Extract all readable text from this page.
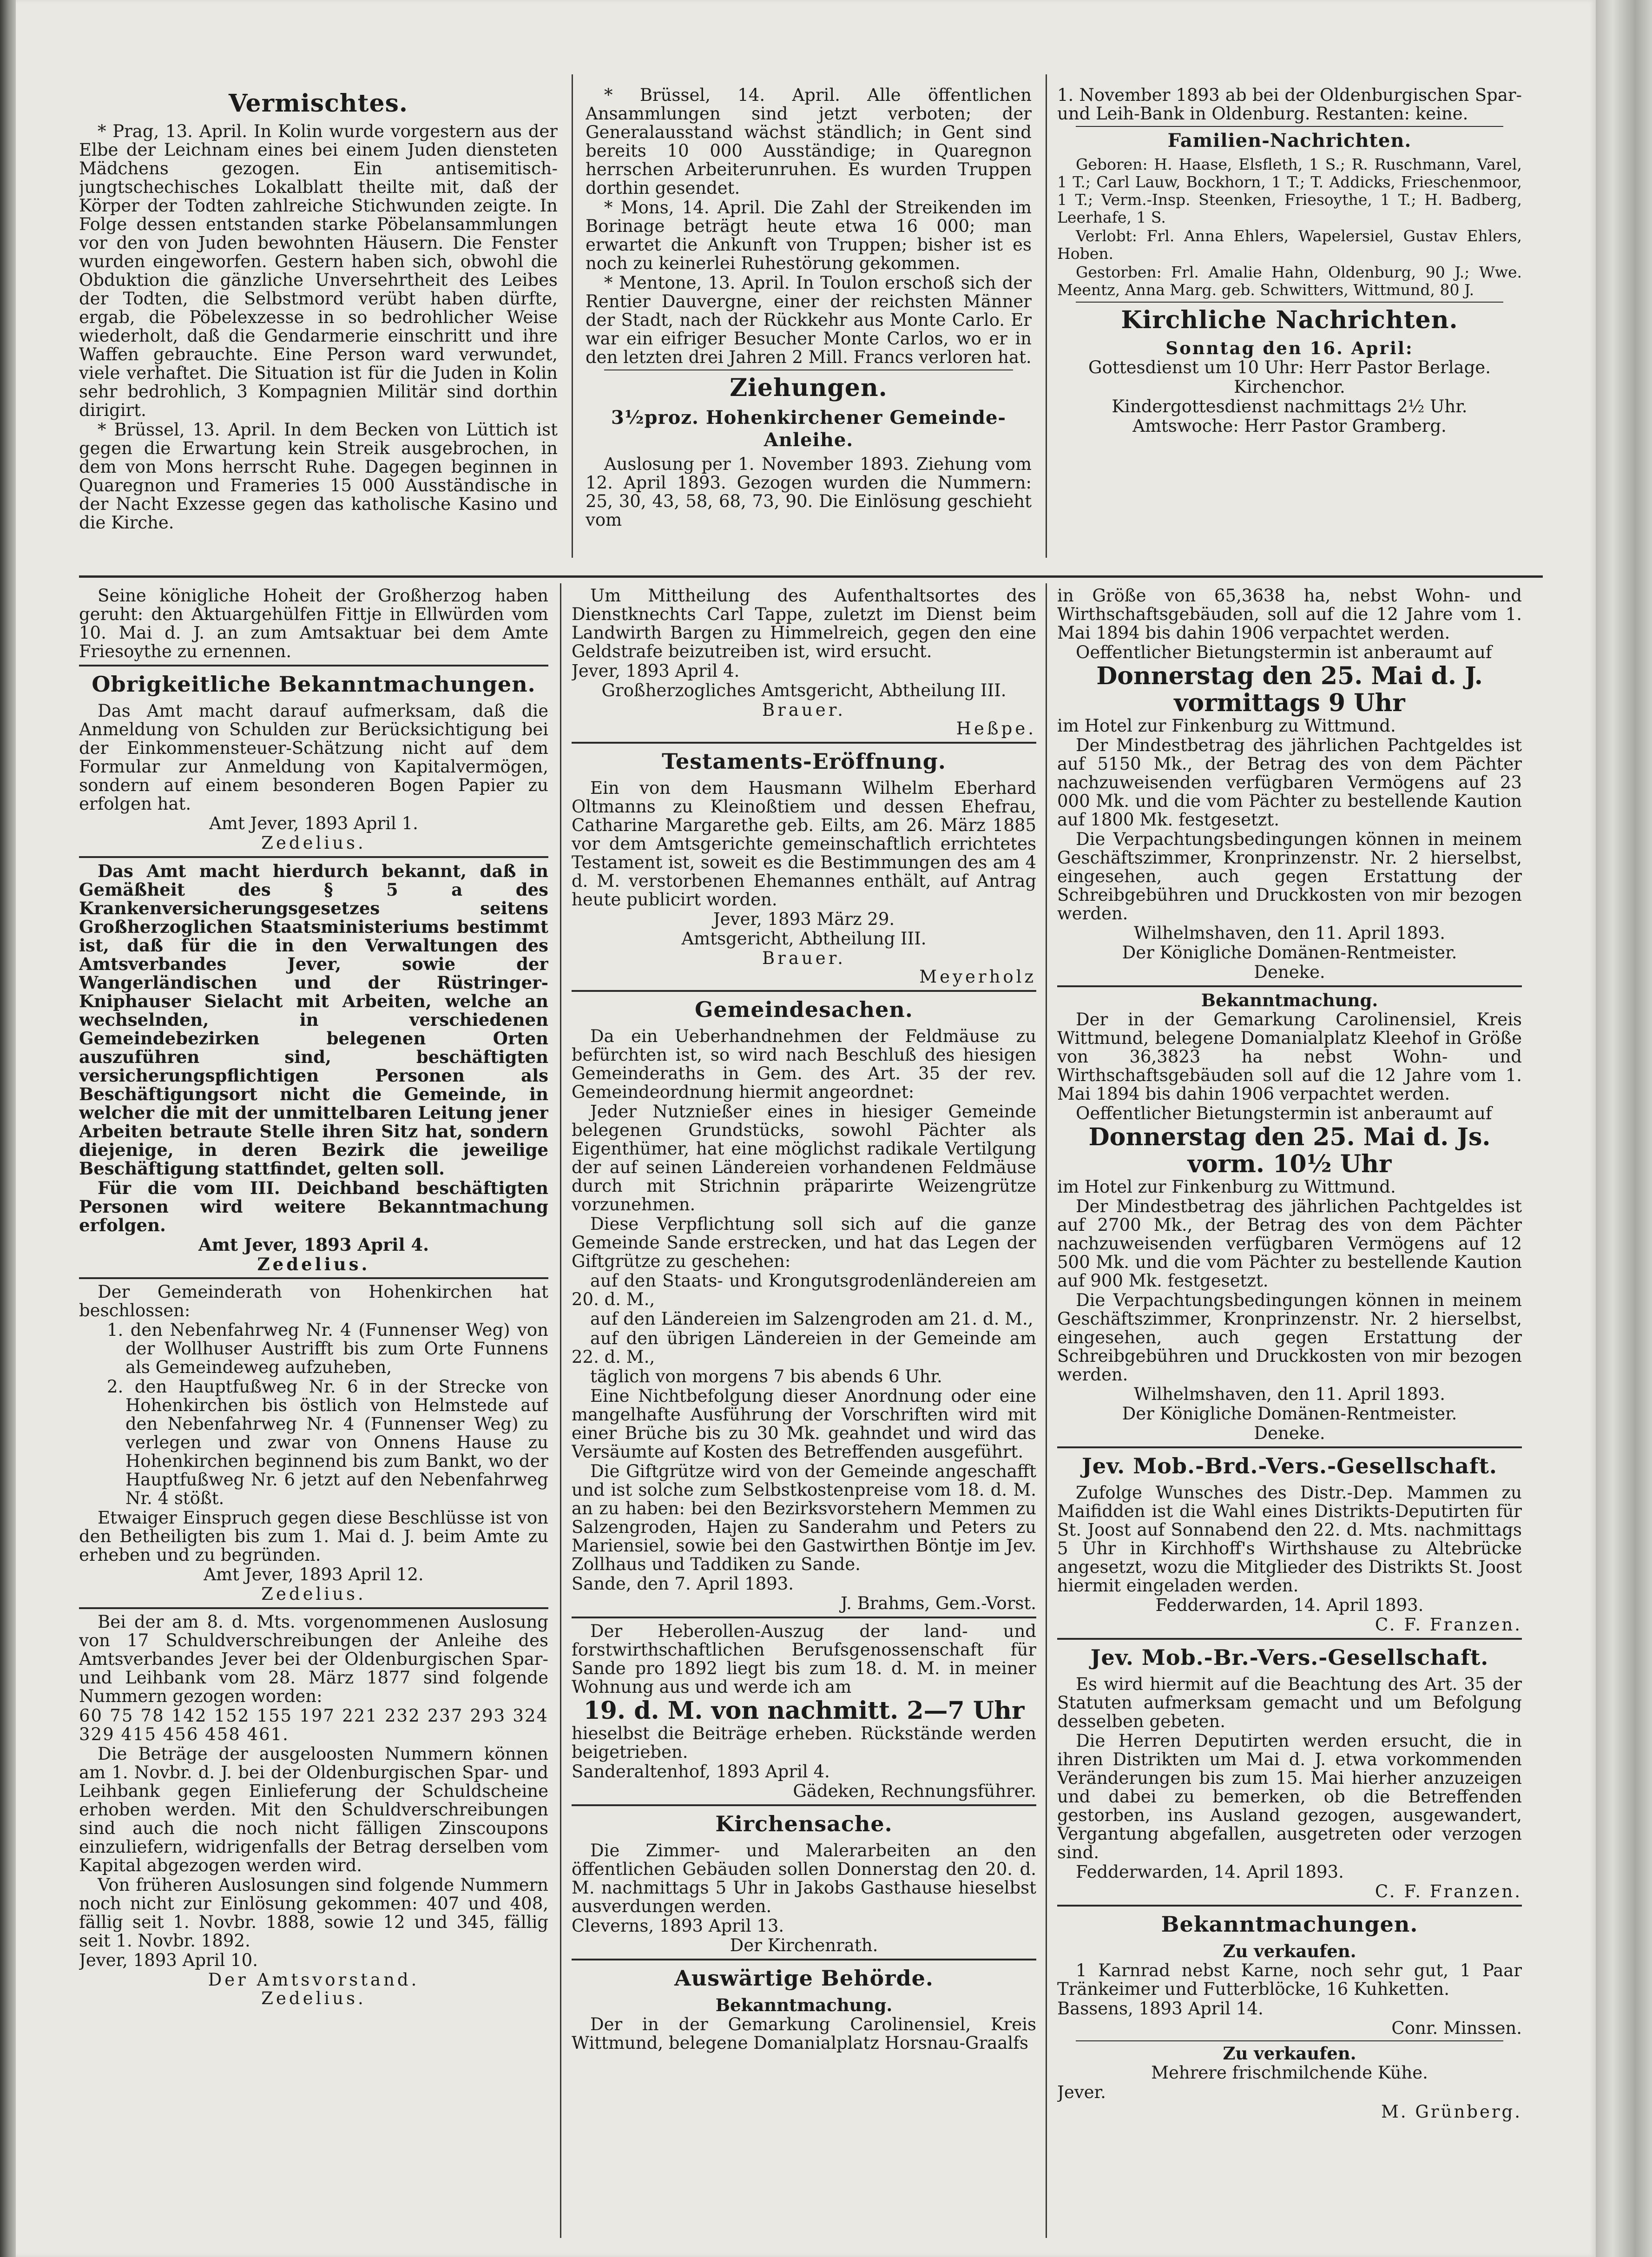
Vermischtes.
* Prag, 13. April. In Kolin wurde vorgestern aus der Elbe der Leichnam eines bei einem Juden diensteten Mädchens gezogen. Ein antisemitisch-jungtschechisches Lokalblatt theilte mit, daß der Körper der Todten zahlreiche Stichwunden zeigte. In Folge dessen entstanden starke Pöbelansammlungen vor den von Juden bewohnten Häusern. Die Fenster wurden eingeworfen. Gestern haben sich, obwohl die Obduktion die gänzliche Unversehrtheit des Leibes der Todten, die Selbstmord verübt haben dürfte, ergab, die Pöbelexzesse in so bedrohlicher Weise wiederholt, daß die Gendarmerie einschritt und ihre Waffen gebrauchte. Eine Person ward verwundet, viele verhaftet. Die Situation ist für die Juden in Kolin sehr bedrohlich, 3 Kompagnien Militär sind dorthin dirigirt.
* Brüssel, 13. April. In dem Becken von Lüttich ist gegen die Erwartung kein Streik ausgebrochen, in dem von Mons herrscht Ruhe. Dagegen beginnen in Quaregnon und Frameries 15 000 Ausständische in der Nacht Exzesse gegen das katholische Kasino und die Kirche.
* Brüssel, 14. April. Alle öffentlichen Ansammlungen sind jetzt verboten; der Generalausstand wächst ständlich; in Gent sind bereits 10 000 Ausständige; in Quaregnon herrschen Arbeiterunruhen. Es wurden Truppen dorthin gesendet.
* Mons, 14. April. Die Zahl der Streikenden im Borinage beträgt heute etwa 16 000; man erwartet die Ankunft von Truppen; bisher ist es noch zu keinerlei Ruhestörung gekommen.
* Mentone, 13. April. In Toulon erschoß sich der Rentier Dauvergne, einer der reichsten Männer der Stadt, nach der Rückkehr aus Monte Carlo. Er war ein eifriger Besucher Monte Carlos, wo er in den letzten drei Jahren 2 Mill. Francs verloren hat.
Ziehungen.
3½proz. Hohenkirchener Gemeinde-Anleihe.
Auslosung per 1. November 1893. Ziehung vom 12. April 1893. Gezogen wurden die Nummern: 25, 30, 43, 58, 68, 73, 90. Die Einlösung geschieht vom
1. November 1893 ab bei der Oldenburgischen Spar- und Leih-Bank in Oldenburg. Restanten: keine.
Familien-Nachrichten.
Geboren: H. Haase, Elsfleth, 1 S.; R. Ruschmann, Varel, 1 T.; Carl Lauw, Bockhorn, 1 T.; T. Addicks, Frieschenmoor, 1 T.; Verm.-Insp. Steenken, Friesoythe, 1 T.; H. Badberg, Leerhafe, 1 S.
Verlobt: Frl. Anna Ehlers, Wapelersiel, Gustav Ehlers, Hoben.
Gestorben: Frl. Amalie Hahn, Oldenburg, 90 J.; Wwe. Meentz, Anna Marg. geb. Schwitters, Wittmund, 80 J.
Kirchliche Nachrichten.
Sonntag den 16. April:
Gottesdienst um 10 Uhr: Herr Pastor Berlage.
Kirchenchor.
Kindergottesdienst nachmittags 2½ Uhr.
Amtswoche: Herr Pastor Gramberg.
Seine königliche Hoheit der Großherzog haben geruht: den Aktuargehülfen Fittje in Ellwürden vom 10. Mai d. J. an zum Amtsaktuar bei dem Amte Friesoythe zu ernennen.
Obrigkeitliche Bekanntmachungen.
Das Amt macht darauf aufmerksam, daß die Anmeldung von Schulden zur Berücksichtigung bei der Einkommensteuer-Schätzung nicht auf dem Formular zur Anmeldung von Kapitalvermögen, sondern auf einem besonderen Bogen Papier zu erfolgen hat.
Amt Jever, 1893 April 1.
Zedelius.
Das Amt macht hierdurch bekannt, daß in Gemäßheit des § 5 a des Krankenversicherungsgesetzes seitens Großherzoglichen Staatsministeriums bestimmt ist, daß für die in den Verwaltungen des Amtsverbandes Jever, sowie der Wangerländischen und der Rüstringer-Kniphauser Sielacht mit Arbeiten, welche an wechselnden, in verschiedenen Gemeindebezirken belegenen Orten auszuführen sind, beschäftigten versicherungspflichtigen Personen als Beschäftigungsort nicht die Gemeinde, in welcher die mit der unmittelbaren Leitung jener Arbeiten betraute Stelle ihren Sitz hat, sondern diejenige, in deren Bezirk die jeweilige Beschäftigung stattfindet, gelten soll.
Für die vom III. Deichband beschäftigten Personen wird weitere Bekanntmachung erfolgen.
Amt Jever, 1893 April 4.
Zedelius.
Der Gemeinderath von Hohenkirchen hat beschlossen:
1. den Nebenfahrweg Nr. 4 (Funnenser Weg) von der Wollhuser Austrifft bis zum Orte Funnens als Gemeindeweg aufzuheben,
2. den Hauptfußweg Nr. 6 in der Strecke von Hohenkirchen bis östlich von Helmstede auf den Nebenfahrweg Nr. 4 (Funnenser Weg) zu verlegen und zwar von Onnens Hause zu Hohenkirchen beginnend bis zum Bankt, wo der Hauptfußweg Nr. 6 jetzt auf den Nebenfahrweg Nr. 4 stößt.
Etwaiger Einspruch gegen diese Beschlüsse ist von den Betheiligten bis zum 1. Mai d. J. beim Amte zu erheben und zu begründen.
Amt Jever, 1893 April 12.
Zedelius.
Bei der am 8. d. Mts. vorgenommenen Auslosung von 17 Schuldverschreibungen der Anleihe des Amtsverbandes Jever bei der Oldenburgischen Spar- und Leihbank vom 28. März 1877 sind folgende Nummern gezogen worden:
60 75 78 142 152 155 197 221 232 237 293 324 329 415 456 458 461.
Die Beträge der ausgeloosten Nummern können am 1. Novbr. d. J. bei der Oldenburgischen Spar- und Leihbank gegen Einlieferung der Schuldscheine erhoben werden. Mit den Schuldverschreibungen sind auch die noch nicht fälligen Zinscoupons einzuliefern, widrigenfalls der Betrag derselben vom Kapital abgezogen werden wird.
Von früheren Auslosungen sind folgende Nummern noch nicht zur Einlösung gekommen: 407 und 408, fällig seit 1. Novbr. 1888, sowie 12 und 345, fällig seit 1. Novbr. 1892.
Jever, 1893 April 10.
Der Amtsvorstand.
Zedelius.
Um Mittheilung des Aufenthaltsortes des Dienstknechts Carl Tappe, zuletzt im Dienst beim Landwirth Bargen zu Himmelreich, gegen den eine Geldstrafe beizutreiben ist, wird ersucht.
Jever, 1893 April 4.
Großherzogliches Amtsgericht, Abtheilung III.
Brauer.
Heßpe.
Testaments-Eröffnung.
Ein von dem Hausmann Wilhelm Eberhard Oltmanns zu Kleinoßtiem und dessen Ehefrau, Catharine Margarethe geb. Eilts, am 26. März 1885 vor dem Amtsgerichte gemeinschaftlich errichtetes Testament ist, soweit es die Bestimmungen des am 4 d. M. verstorbenen Ehemannes enthält, auf Antrag heute publicirt worden.
Jever, 1893 März 29.
Amtsgericht, Abtheilung III.
Brauer.
Meyerholz
Gemeindesachen.
Da ein Ueberhandnehmen der Feldmäuse zu befürchten ist, so wird nach Beschluß des hiesigen Gemeinderaths in Gem. des Art. 35 der rev. Gemeindeordnung hiermit angeordnet:
Jeder Nutznießer eines in hiesiger Gemeinde belegenen Grundstücks, sowohl Pächter als Eigenthümer, hat eine möglichst radikale Vertilgung der auf seinen Ländereien vorhandenen Feldmäuse durch mit Strichnin präparirte Weizengrütze vorzunehmen.
Diese Verpflichtung soll sich auf die ganze Gemeinde Sande erstrecken, und hat das Legen der Giftgrütze zu geschehen:
auf den Staats- und Krongutsgrodenländereien am 20. d. M.,
auf den Ländereien im Salzengroden am 21. d. M.,
auf den übrigen Ländereien in der Gemeinde am 22. d. M.,
täglich von morgens 7 bis abends 6 Uhr.
Eine Nichtbefolgung dieser Anordnung oder eine mangelhafte Ausführung der Vorschriften wird mit einer Brüche bis zu 30 Mk. geahndet und wird das Versäumte auf Kosten des Betreffenden ausgeführt.
Die Giftgrütze wird von der Gemeinde angeschafft und ist solche zum Selbstkostenpreise vom 18. d. M. an zu haben: bei den Bezirksvorstehern Memmen zu Salzengroden, Hajen zu Sanderahm und Peters zu Mariensiel, sowie bei den Gastwirthen Böntje im Jev. Zollhaus und Taddiken zu Sande.
Sande, den 7. April 1893.
J. Brahms, Gem.-Vorst.
Der Heberollen-Auszug der land- und forstwirthschaftlichen Berufsgenossenschaft für Sande pro 1892 liegt bis zum 18. d. M. in meiner Wohnung aus und werde ich am
19. d. M. von nachmitt. 2—7 Uhr
hieselbst die Beiträge erheben. Rückstände werden beigetrieben.
Sanderaltenhof, 1893 April 4.
Gädeken, Rechnungsführer.
Kirchensache.
Die Zimmer- und Malerarbeiten an den öffentlichen Gebäuden sollen Donnerstag den 20. d. M. nachmittags 5 Uhr in Jakobs Gasthause hieselbst ausverdungen werden.
Cleverns, 1893 April 13.
Der Kirchenrath.
Auswärtige Behörde.
Bekanntmachung.
Der in der Gemarkung Carolinensiel, Kreis Wittmund, belegene Domanialplatz Horsnau-Graalfs
in Größe von 65,3638 ha, nebst Wohn- und Wirthschaftsgebäuden, soll auf die 12 Jahre vom 1. Mai 1894 bis dahin 1906 verpachtet werden.
Oeffentlicher Bietungstermin ist anberaumt auf
Donnerstag den 25. Mai d. J.
vormittags 9 Uhr
im Hotel zur Finkenburg zu Wittmund.
Der Mindestbetrag des jährlichen Pachtgeldes ist auf 5150 Mk., der Betrag des von dem Pächter nachzuweisenden verfügbaren Vermögens auf 23 000 Mk. und die vom Pächter zu bestellende Kaution auf 1800 Mk. festgesetzt.
Die Verpachtungsbedingungen können in meinem Geschäftszimmer, Kronprinzenstr. Nr. 2 hierselbst, eingesehen, auch gegen Erstattung der Schreibgebühren und Druckkosten von mir bezogen werden.
Wilhelmshaven, den 11. April 1893.
Der Königliche Domänen-Rentmeister.
Deneke.
Bekanntmachung.
Der in der Gemarkung Carolinensiel, Kreis Wittmund, belegene Domanialplatz Kleehof in Größe von 36,3823 ha nebst Wohn- und Wirthschaftsgebäuden soll auf die 12 Jahre vom 1. Mai 1894 bis dahin 1906 verpachtet werden.
Oeffentlicher Bietungstermin ist anberaumt auf
Donnerstag den 25. Mai d. Js.
vorm. 10½ Uhr
im Hotel zur Finkenburg zu Wittmund.
Der Mindestbetrag des jährlichen Pachtgeldes ist auf 2700 Mk., der Betrag des von dem Pächter nachzuweisenden verfügbaren Vermögens auf 12 500 Mk. und die vom Pächter zu bestellende Kaution auf 900 Mk. festgesetzt.
Die Verpachtungsbedingungen können in meinem Geschäftszimmer, Kronprinzenstr. Nr. 2 hierselbst, eingesehen, auch gegen Erstattung der Schreibgebühren und Druckkosten von mir bezogen werden.
Wilhelmshaven, den 11. April 1893.
Der Königliche Domänen-Rentmeister.
Deneke.
Jev. Mob.-Brd.-Vers.-Gesellschaft.
Zufolge Wunsches des Distr.-Dep. Mammen zu Maifidden ist die Wahl eines Distrikts-Deputirten für St. Joost auf Sonnabend den 22. d. Mts. nachmittags 5 Uhr in Kirchhoff's Wirthshause zu Altebrücke angesetzt, wozu die Mitglieder des Distrikts St. Joost hiermit eingeladen werden.
Fedderwarden, 14. April 1893.
C. F. Franzen.
Jev. Mob.-Br.-Vers.-Gesellschaft.
Es wird hiermit auf die Beachtung des Art. 35 der Statuten aufmerksam gemacht und um Befolgung desselben gebeten.
Die Herren Deputirten werden ersucht, die in ihren Distrikten um Mai d. J. etwa vorkommenden Veränderungen bis zum 15. Mai hierher anzuzeigen und dabei zu bemerken, ob die Betreffenden gestorben, ins Ausland gezogen, ausgewandert, Vergantung abgefallen, ausgetreten oder verzogen sind.
Fedderwarden, 14. April 1893.
C. F. Franzen.
Bekanntmachungen.
Zu verkaufen.
1 Karnrad nebst Karne, noch sehr gut, 1 Paar Tränkeimer und Futterblöcke, 16 Kuhketten.
Bassens, 1893 April 14.
Conr. Minssen.
Zu verkaufen.
Mehrere frischmilchende Kühe.
Jever.
M. Grünberg.
